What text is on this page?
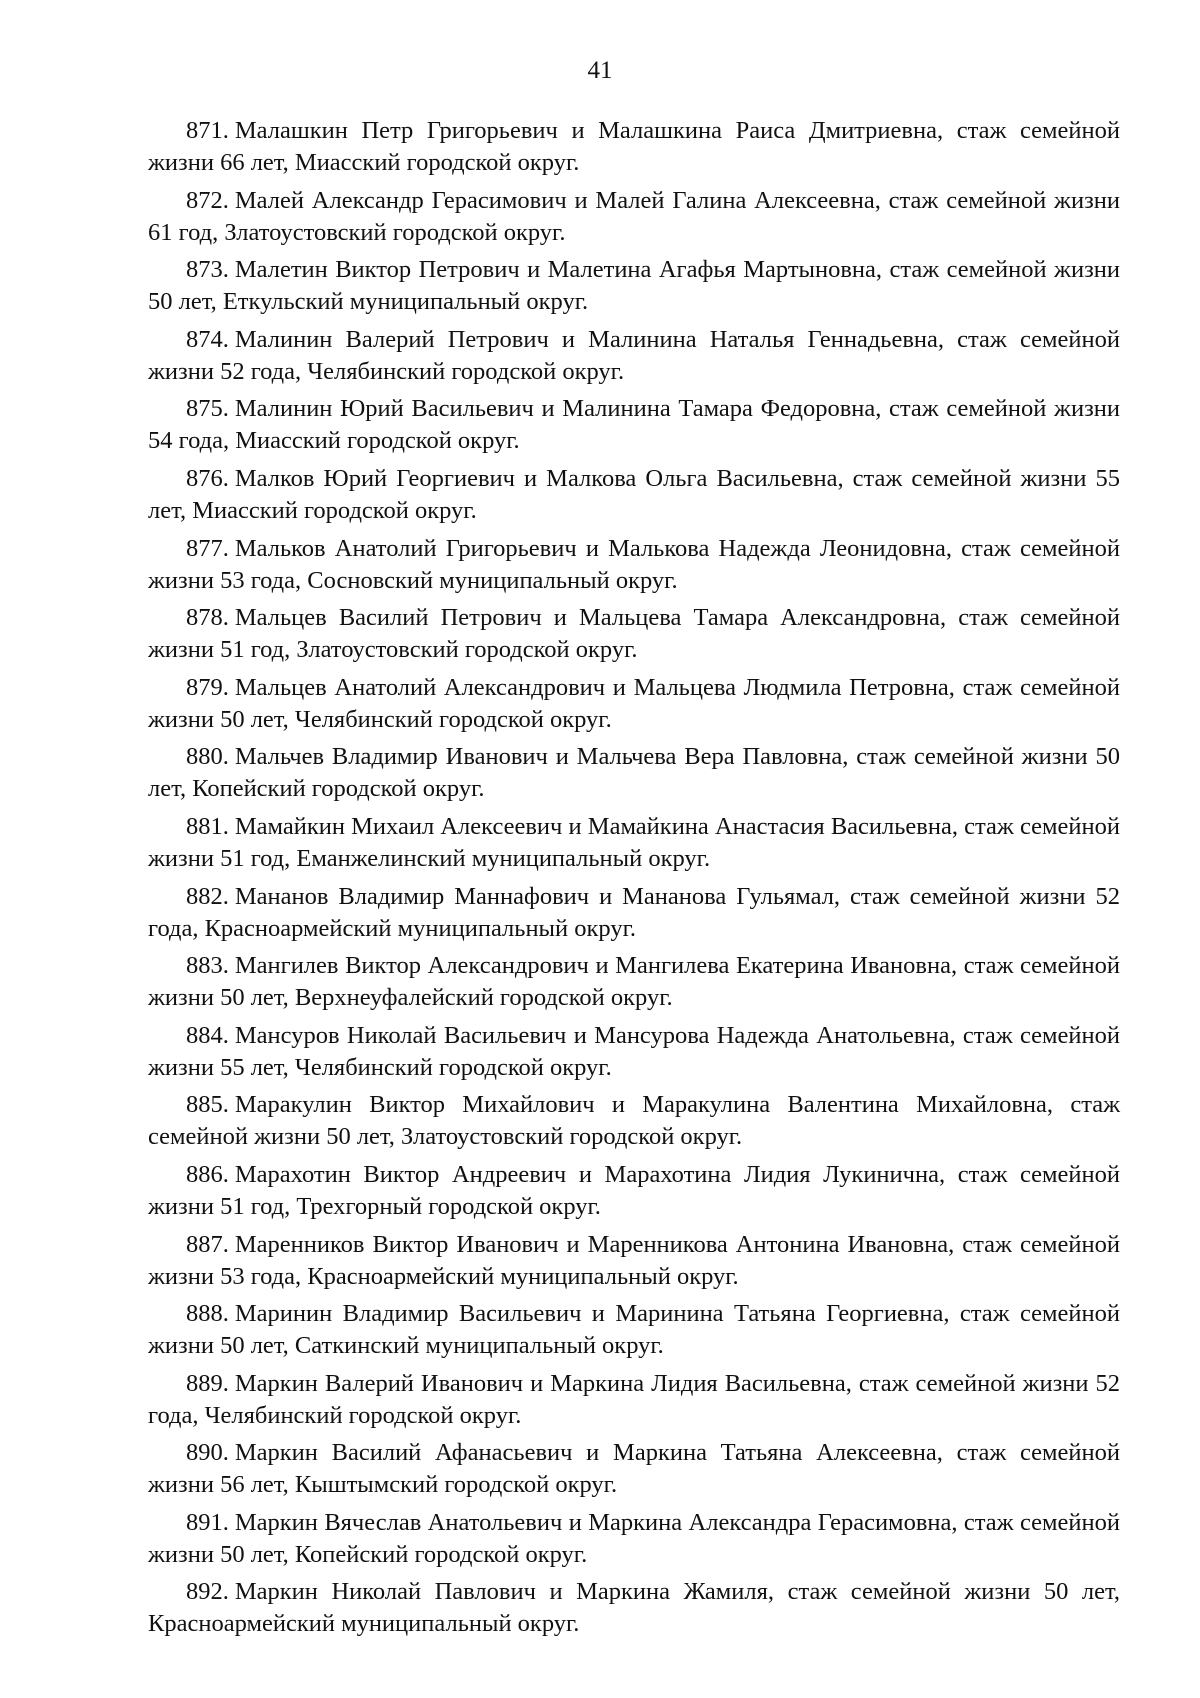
41
871. Малашкин Петр Григорьевич и Малашкина Раиса Дмитриевна, стаж семейной жизни 66 лет, Миасский городской округ.
872. Малей Александр Герасимович и Малей Галина Алексеевна, стаж семейной жизни 61 год, Златоустовский городской округ.
873. Малетин Виктор Петрович и Малетина Агафья Мартыновна, стаж семейной жизни 50 лет, Еткульский муниципальный округ.
874. Малинин Валерий Петрович и Малинина Наталья Геннадьевна, стаж семейной жизни 52 года, Челябинский городской округ.
875. Малинин Юрий Васильевич и Малинина Тамара Федоровна, стаж семейной жизни 54 года, Миасский городской округ.
876. Малков Юрий Георгиевич и Малкова Ольга Васильевна, стаж семейной жизни 55 лет, Миасский городской округ.
877. Мальков Анатолий Григорьевич и Малькова Надежда Леонидовна, стаж семейной жизни 53 года, Сосновский муниципальный округ.
878. Мальцев Василий Петрович и Мальцева Тамара Александровна, стаж семейной жизни 51 год, Златоустовский городской округ.
879. Мальцев Анатолий Александрович и Мальцева Людмила Петровна, стаж семейной жизни 50 лет, Челябинский городской округ.
880. Мальчев Владимир Иванович и Мальчева Вера Павловна, стаж семейной жизни 50 лет, Копейский городской округ.
881. Мамайкин Михаил Алексеевич и Мамайкина Анастасия Васильевна, стаж семейной жизни 51 год, Еманжелинский муниципальный округ.
882. Мананов Владимир Маннафович и Мананова Гульямал, стаж семейной жизни 52 года, Красноармейский муниципальный округ.
883. Мангилев Виктор Александрович и Мангилева Екатерина Ивановна, стаж семейной жизни 50 лет, Верхнеуфалейский городской округ.
884. Мансуров Николай Васильевич и Мансурова Надежда Анатольевна, стаж семейной жизни 55 лет, Челябинский городской округ.
885. Маракулин Виктор Михайлович и Маракулина Валентина Михайловна, стаж семейной жизни 50 лет, Златоустовский городской округ.
886. Марахотин Виктор Андреевич и Марахотина Лидия Лукинична, стаж семейной жизни 51 год, Трехгорный городской округ.
887. Маренников Виктор Иванович и Маренникова Антонина Ивановна, стаж семейной жизни 53 года, Красноармейский муниципальный округ.
888. Маринин Владимир Васильевич и Маринина Татьяна Георгиевна, стаж семейной жизни 50 лет, Саткинский муниципальный округ.
889. Маркин Валерий Иванович и Маркина Лидия Васильевна, стаж семейной жизни 52 года, Челябинский городской округ.
890. Маркин Василий Афанасьевич и Маркина Татьяна Алексеевна, стаж семейной жизни 56 лет, Кыштымский городской округ.
891. Маркин Вячеслав Анатольевич и Маркина Александра Герасимовна, стаж семейной жизни 50 лет, Копейский городской округ.
892. Маркин Николай Павлович и Маркина Жамиля, стаж семейной жизни 50 лет, Красноармейский муниципальный округ.
